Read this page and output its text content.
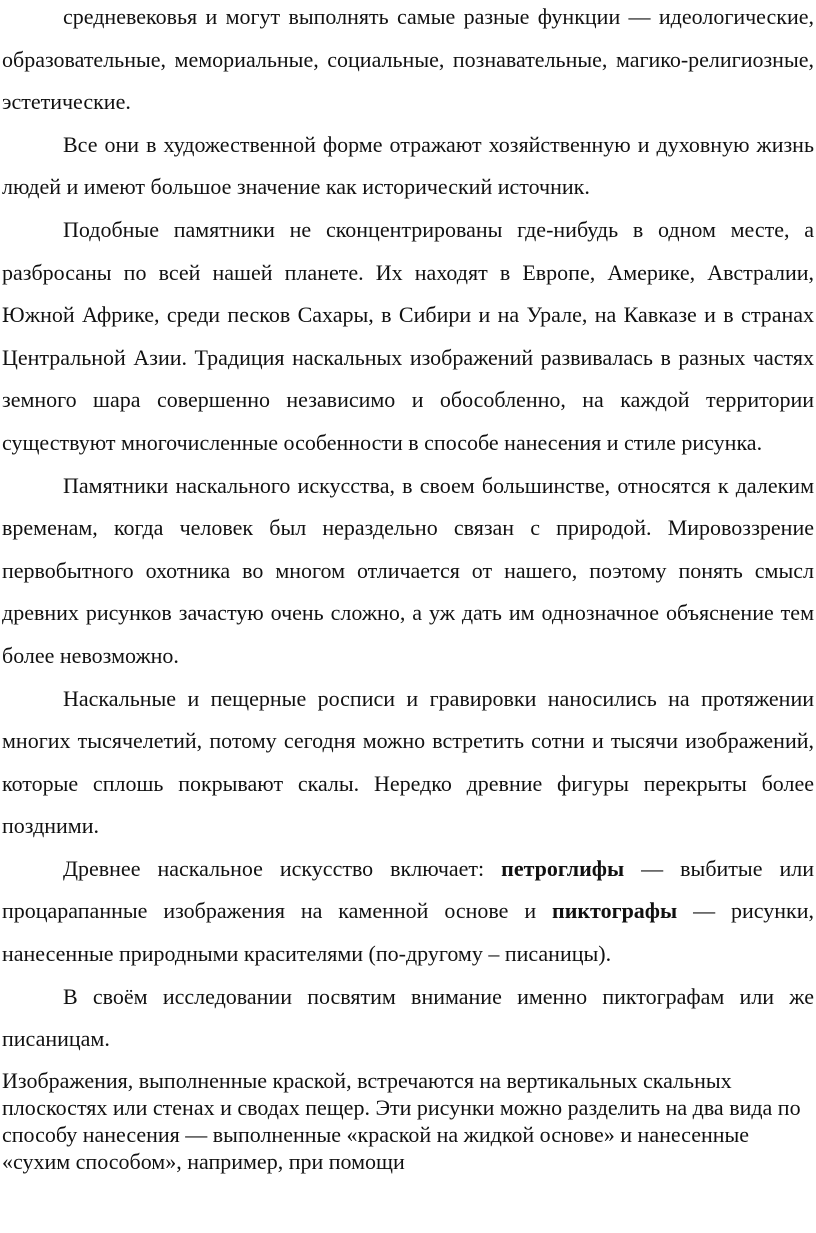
средневековья и могут выполнять самые разные функции — идеологические, образовательные, мемориальные, социальные, познавательные, магико-религиозные, эстетические.

Все они в художественной форме отражают хозяйственную и духовную жизнь людей и имеют большое значение как исторический источник.

Подобные памятники не сконцентрированы где-нибудь в одном месте, а разбросаны по всей нашей планете. Их находят в Европе, Америке, Австралии, Южной Африке, среди песков Сахары, в Сибири и на Урале, на Кавказе и в странах Центральной Азии. Традиция наскальных изображений развивалась в разных частях земного шара совершенно независимо и обособленно, на каждой территории существуют многочисленные особенности в способе нанесения и стиле рисунка.

Памятники наскального искусства, в своем большинстве, относятся к далеким временам, когда человек был нераздельно связан с природой. Мировоззрение первобытного охотника во многом отличается от нашего, поэтому понять смысл древних рисунков зачастую очень сложно, а уж дать им однозначное объяснение тем более невозможно.

Наскальные и пещерные росписи и гравировки наносились на протяжении многих тысячелетий, потому сегодня можно встретить сотни и тысячи изображений, которые сплошь покрывают скалы. Нередко древние фигуры перекрыты более поздними.

Древнее наскальное искусство включает: петроглифы — выбитые или процарапанные изображения на каменной основе и пиктографы — рисунки, нанесенные природными красителями (по-другому – писаницы).

В своём исследовании посвятим внимание именно пиктографам или же писаницам.

Изображения, выполненные краской, встречаются на вертикальных скальных плоскостях или стенах и сводах пещер. Эти рисунки можно разделить на два вида по способу нанесения — выполненные «краской на жидкой основе» и нанесенные «сухим способом», например, при помощи
